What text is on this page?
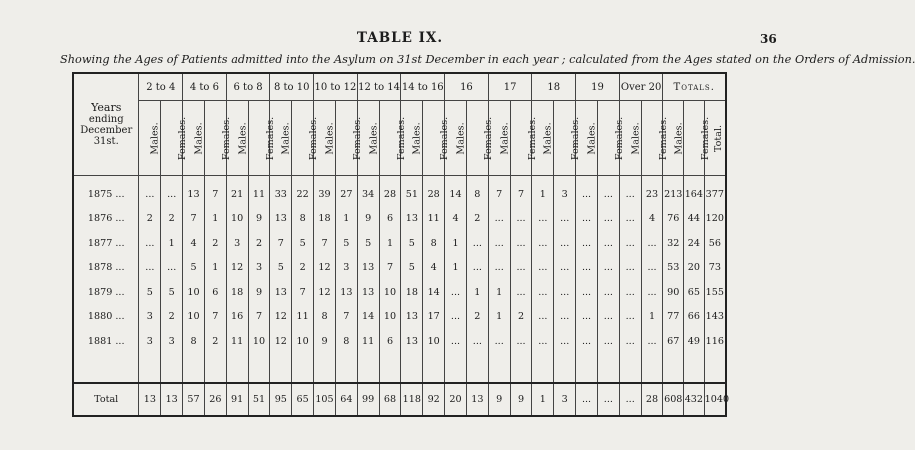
TABLE IX.	36
Showing the Ages of Patients admitted into the Asylum on 31st December in each year ; calculated from the Ages stated on the Orders of Admission.
Years
ending
December
31st.	2 to 4		4 to 6		6 to 8		8 to 10		10 to 12		12 to 14		14 to 16		16		17		18		19		Over 20		Totals.		
	Males.	Females.	Males.	Females.	Males.	Females.	Males.	Females.	Males.	Females.	Males.	Females.	Males.	Females.	Males.	Females.	Males.	Females.	Males.	Females.	Males.	Females.	Males.	Females.	Males.	Females.	Total.
1875 ...	...	...	13	7	21	11	33	22	39	27	34	28	51	28	14	8	7	7	1	3	...	...	...	23	213	164	377
1876 ...	2	2	7	1	10	9	13	8	18	1	9	6	13	11	4	2	...	...	...	...	...	...	...	4	76	44	120
1877 ...	...	1	4	2	3	2	7	5	7	5	5	1	5	8	1	...	...	...	...	...	...	...	...	...	32	24	56
1878 ...	...	...	5	1	12	3	5	2	12	3	13	7	5	4	1	...	...	...	...	...	...	...	...	...	53	20	73
1879 ...	5	5	10	6	18	9	13	7	12	13	13	10	18	14	...	1	1	...	...	...	...	...	...	...	90	65	155
1880 ...	3	2	10	7	16	7	12	11	8	7	14	10	13	17	...	2	1	2	...	...	...	...	...	1	77	66	143
1881 ...	3	3	8	2	11	10	12	10	9	8	11	6	13	10	...	...	...	...	...	...	...	...	...	...	67	49	116

Total	13	13	57	26	91	51	95	65	105	64	99	68	118	92	20	13	9	9	1	3	...	...	...	28	608	432	1040
